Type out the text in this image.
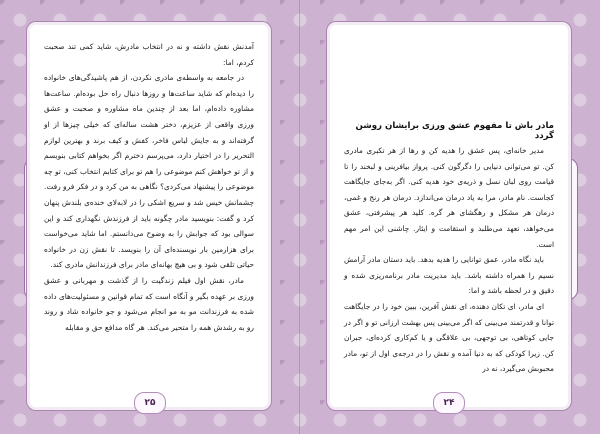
آمدنش نقش داشته و نه در انتخاب مادرش، شاید کمی تند صحبت کردم، اما:

در جامعه به واسطه‌ی مادری نکردن، از هم پاشیدگی‌های خانواده را دیده‌ام که شاید ساعت‌ها و روزها دنبال راه حل بوده‌ام. ساعت‌ها مشاوره داده‌ام، اما بعد از چندین ماه مشاوره و صحبت و عشق ورزی واقعی از عزیزم، دختر هشت ساله‌ای که خیلی چیزها از او گرفته‌اند و به جایش لباس فاخر، کفش و کیف برند و بهترین لوازم التحریر را در اختیار دارد، می‌پرسم دخترم اگر بخواهم کتابی بنویسم و از تو خواهش کنم موضوعی را هم تو برای کتابم انتخاب کنی، تو چه موضوعی را پیشنهاد می‌کردی؟ نگاهی به من کرد و در فکر فرو رفت. چشمانش خیس شد و سریع اشکی را در لابه‌لای خنده‌ی بلندش پنهان کرد و گفت: بنویسید مادر چگونه باید از فرزندش نگهداری کند و این سوالی بود که جوابش را به وضوح می‌دانستم. اما شاید می‌خواست برای هزارمین بار نویسنده‌ای آن را بنویسد. تا نقش زن در خانواده حیاتی تلقی شود و بی هیچ بهانه‌ای مادر برای فرزندانش مادری کند.

مادر، نقش اول فیلم زندگیت را از گذشت و مهربانی و عشق ورزی بر عهده بگیر و آنگاه است که تمام قوانین و مسئولیت‌های داده شده به فرزندانت مو به مو انجام می‌شود و جو خانواده شاد و روند رو به رشدش همه را متحیر می‌کند. هر گاه مدافع حق و مقابله

مادر باش تا مفهوم عشق ورزی برایشان روشن گردد

مدیر خانه‌ای، پس عشق را هدیه کن و رها از هر تکبری مادری کن. تو می‌توانی دنیایی را دگرگون کنی. پرواز بیافرینی و لبخند را تا قیامت روی لبان نسل و ذریه‌ی خود هدیه کنی. اگر به‌جای جایگاهت کجاست. نام مادر، مرا به یاد درمان می‌اندازد. درمان هر رنج و غمی، درمان هر مشکل و رهگشای هر گره. کلید هر پیشرفتی، عشق می‌خواهد، تعهد می‌طلبد و استقامت و ایثار. چاشنی این امر مهم است.

باید نگاه مادر، عمق توانایی را هدیه بدهد. باید دستان مادر آرامش نسیم را همراه داشته باشد. باید مدیریت مادر برنامه‌ریزی شده و دقیق و در لحظه باشد و اما:

ای مادر، ای تکان دهنده، ای نقش آفرین، ببین خود را در جایگاهت توانا و قدرتمند می‌بینی که اگر می‌بینی پس بهشت ارزانی تو و اگر در جایی کوتاهی، بی توجهی، بی علاقگی و یا کم‌کاری کرده‌ای، جبران کن. زیرا کودکی که به دنیا آمده و نقش را در درجه‌ی اول از تو، مادر محبوبش می‌گیرد، نه در

۲۵	۲۴
